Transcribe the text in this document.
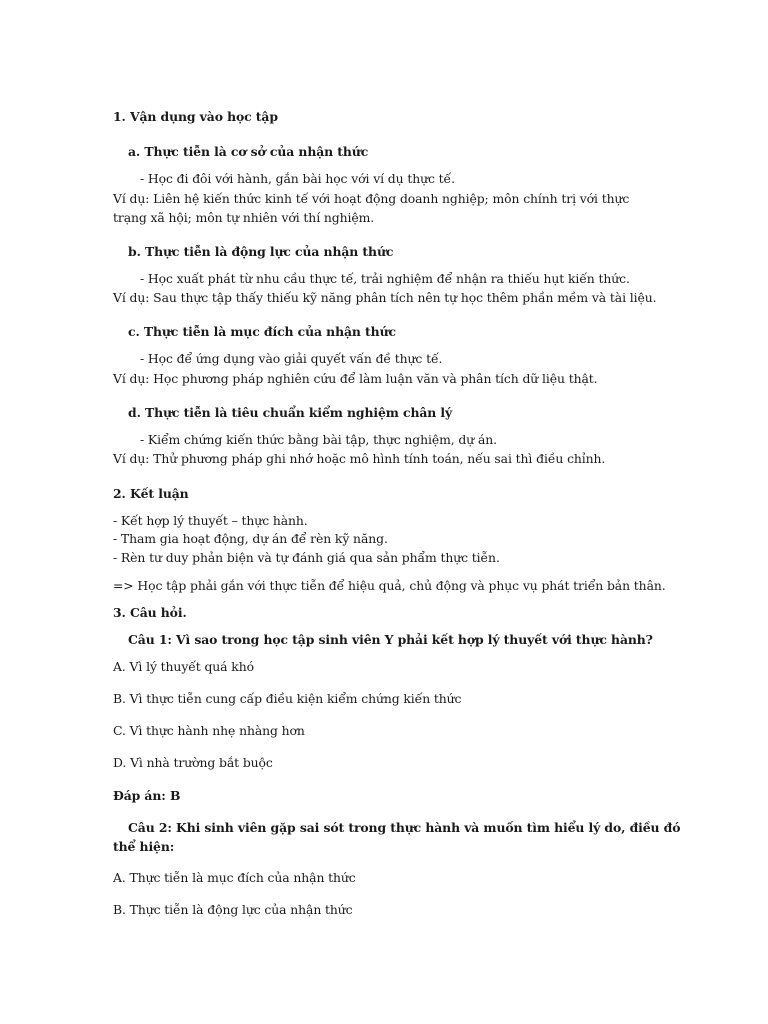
1. Vận dụng vào học tập
a. Thực tiễn là cơ sở của nhận thức
- Học đi đôi với hành, gắn bài học với ví dụ thực tế.
Ví dụ: Liên hệ kiến thức kinh tế với hoạt động doanh nghiệp; môn chính trị với thực trạng xã hội; môn tự nhiên với thí nghiệm.
b. Thực tiễn là động lực của nhận thức
- Học xuất phát từ nhu cầu thực tế, trải nghiệm để nhận ra thiếu hụt kiến thức.
Ví dụ: Sau thực tập thấy thiếu kỹ năng phân tích nên tự học thêm phần mềm và tài liệu.
c. Thực tiễn là mục đích của nhận thức
- Học để ứng dụng vào giải quyết vấn đề thực tế.
Ví dụ: Học phương pháp nghiên cứu để làm luận văn và phân tích dữ liệu thật.
d. Thực tiễn là tiêu chuẩn kiểm nghiệm chân lý
- Kiểm chứng kiến thức bằng bài tập, thực nghiệm, dự án.
Ví dụ: Thử phương pháp ghi nhớ hoặc mô hình tính toán, nếu sai thì điều chỉnh.
2. Kết luận
- Kết hợp lý thuyết – thực hành.
- Tham gia hoạt động, dự án để rèn kỹ năng.
- Rèn tư duy phản biện và tự đánh giá qua sản phẩm thực tiễn.
=> Học tập phải gắn với thực tiễn để hiệu quả, chủ động và phục vụ phát triển bản thân.
3. Câu hỏi.
Câu 1: Vì sao trong học tập sinh viên Y phải kết hợp lý thuyết với thực hành?
A. Vì lý thuyết quá khó
B. Vì thực tiễn cung cấp điều kiện kiểm chứng kiến thức
C. Vì thực hành nhẹ nhàng hơn
D. Vì nhà trường bắt buộc
Đáp án: B
Câu 2: Khi sinh viên gặp sai sót trong thực hành và muốn tìm hiểu lý do, điều đó
thể hiện:
A. Thực tiễn là mục đích của nhận thức
B. Thực tiễn là động lực của nhận thức
